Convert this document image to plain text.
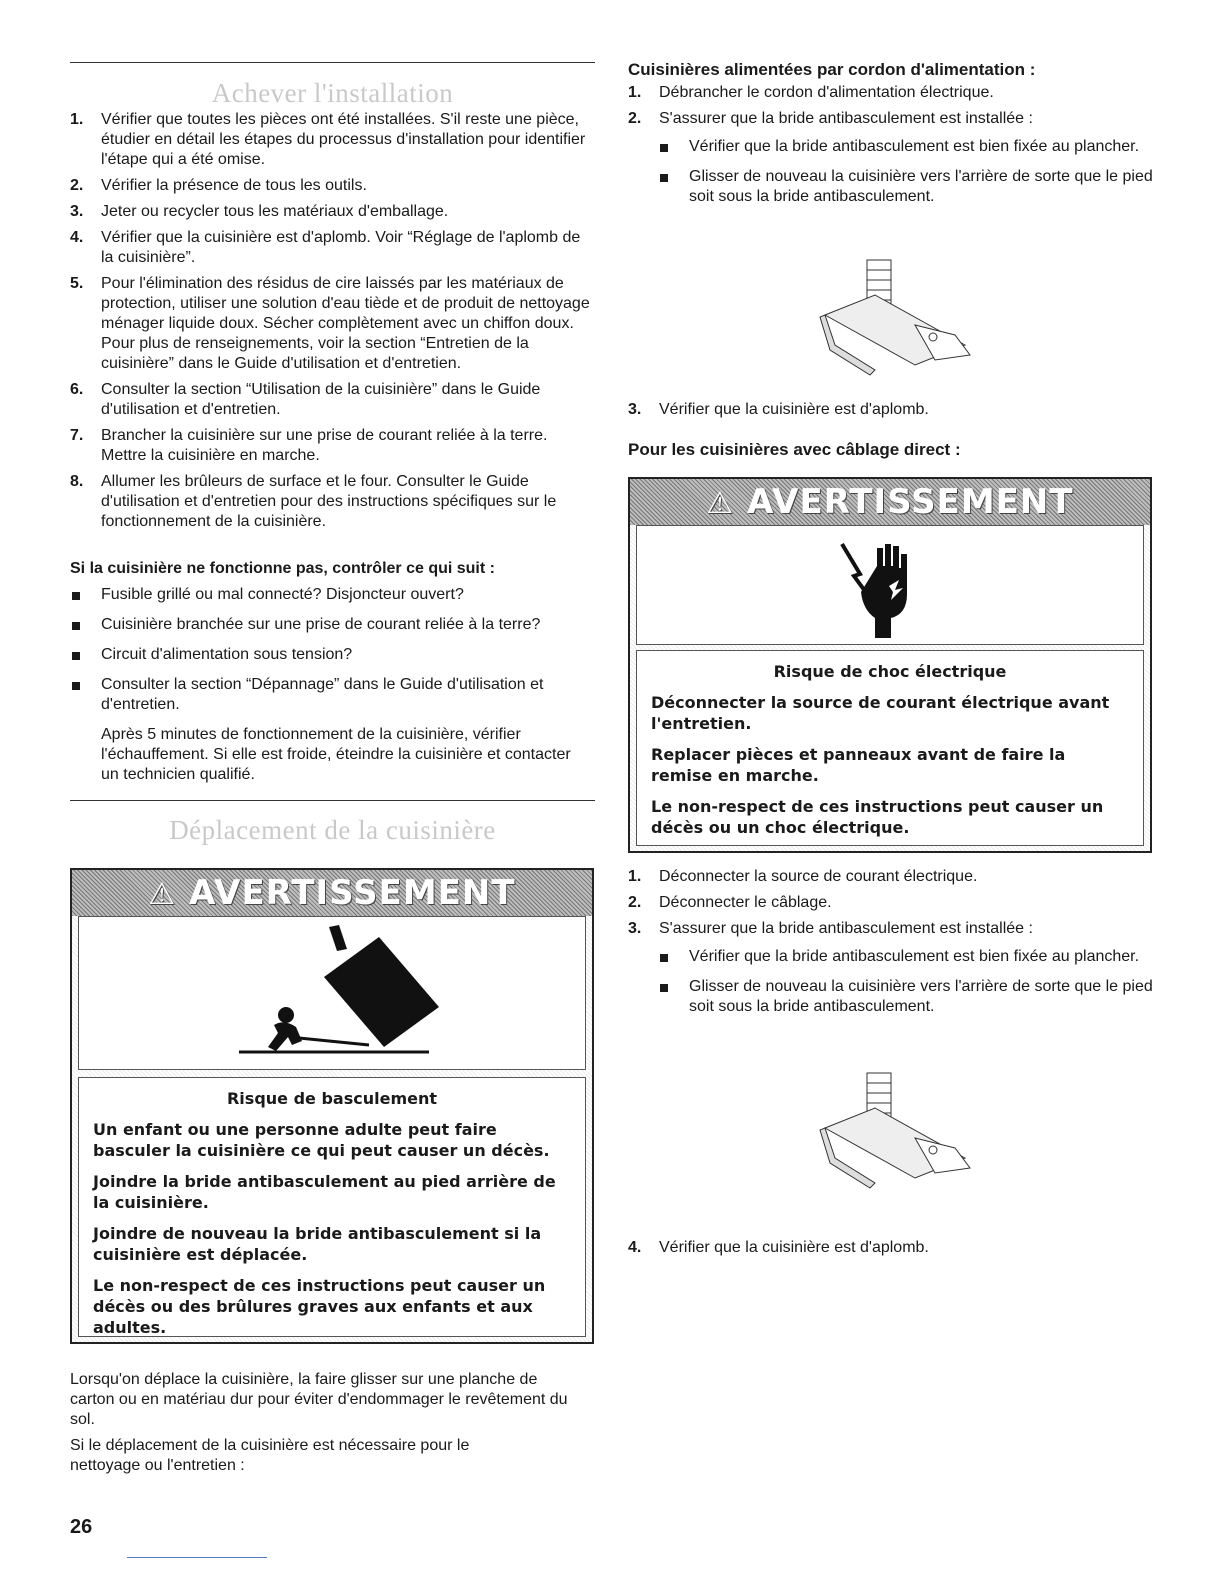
Achever l'installation
1. Vérifier que toutes les pièces ont été installées. S'il reste une pièce, étudier en détail les étapes du processus d'installation pour identifier l'étape qui a été omise.
2. Vérifier la présence de tous les outils.
3. Jeter ou recycler tous les matériaux d'emballage.
4. Vérifier que la cuisinière est d'aplomb. Voir “Réglage de l'aplomb de la cuisinière”.
5. Pour l'élimination des résidus de cire laissés par les matériaux de protection, utiliser une solution d'eau tiède et de produit de nettoyage ménager liquide doux. Sécher complètement avec un chiffon doux. Pour plus de renseignements, voir la section “Entretien de la cuisinière” dans le Guide d'utilisation et d'entretien.
6. Consulter la section “Utilisation de la cuisinière” dans le Guide d'utilisation et d'entretien.
7. Brancher la cuisinière sur une prise de courant reliée à la terre. Mettre la cuisinière en marche.
8. Allumer les brûleurs de surface et le four. Consulter le Guide d'utilisation et d'entretien pour des instructions spécifiques sur le fonctionnement de la cuisinière.
Si la cuisinière ne fonctionne pas, contrôler ce qui suit :
Fusible grillé ou mal connecté? Disjoncteur ouvert?
Cuisinière branchée sur une prise de courant reliée à la terre?
Circuit d'alimentation sous tension?
Consulter la section “Dépannage” dans le Guide d'utilisation et d'entretien.
Après 5 minutes de fonctionnement de la cuisinière, vérifier l'échauffement. Si elle est froide, éteindre la cuisinière et contacter un technicien qualifié.
Déplacement de la cuisinière
⚠ AVERTISSEMENT
Risque de basculement

Un enfant ou une personne adulte peut faire basculer la cuisinière ce qui peut causer un décès.

Joindre la bride antibasculement au pied arrière de la cuisinière.

Joindre de nouveau la bride antibasculement si la cuisinière est déplacée.

Le non-respect de ces instructions peut causer un décès ou des brûlures graves aux enfants et aux adultes.

Lorsqu'on déplace la cuisinière, la faire glisser sur une planche de carton ou en matériau dur pour éviter d'endommager le revêtement du sol.
Si le déplacement de la cuisinière est nécessaire pour le nettoyage ou l'entretien :
26
Cuisinières alimentées par cordon d'alimentation :
1. Débrancher le cordon d'alimentation électrique.
2. S'assurer que la bride antibasculement est installée :
Vérifier que la bride antibasculement est bien fixée au plancher.
Glisser de nouveau la cuisinière vers l'arrière de sorte que le pied soit sous la bride antibasculement.
3. Vérifier que la cuisinière est d'aplomb.
Pour les cuisinières avec câblage direct :
⚠ AVERTISSEMENT
Risque de choc électrique

Déconnecter la source de courant électrique avant l'entretien.

Replacer pièces et panneaux avant de faire la remise en marche.

Le non-respect de ces instructions peut causer un décès ou un choc électrique.

1. Déconnecter la source de courant électrique.
2. Déconnecter le câblage.
3. S'assurer que la bride antibasculement est installée :
Vérifier que la bride antibasculement est bien fixée au plancher.
Glisser de nouveau la cuisinière vers l'arrière de sorte que le pied soit sous la bride antibasculement.
4. Vérifier que la cuisinière est d'aplomb.
